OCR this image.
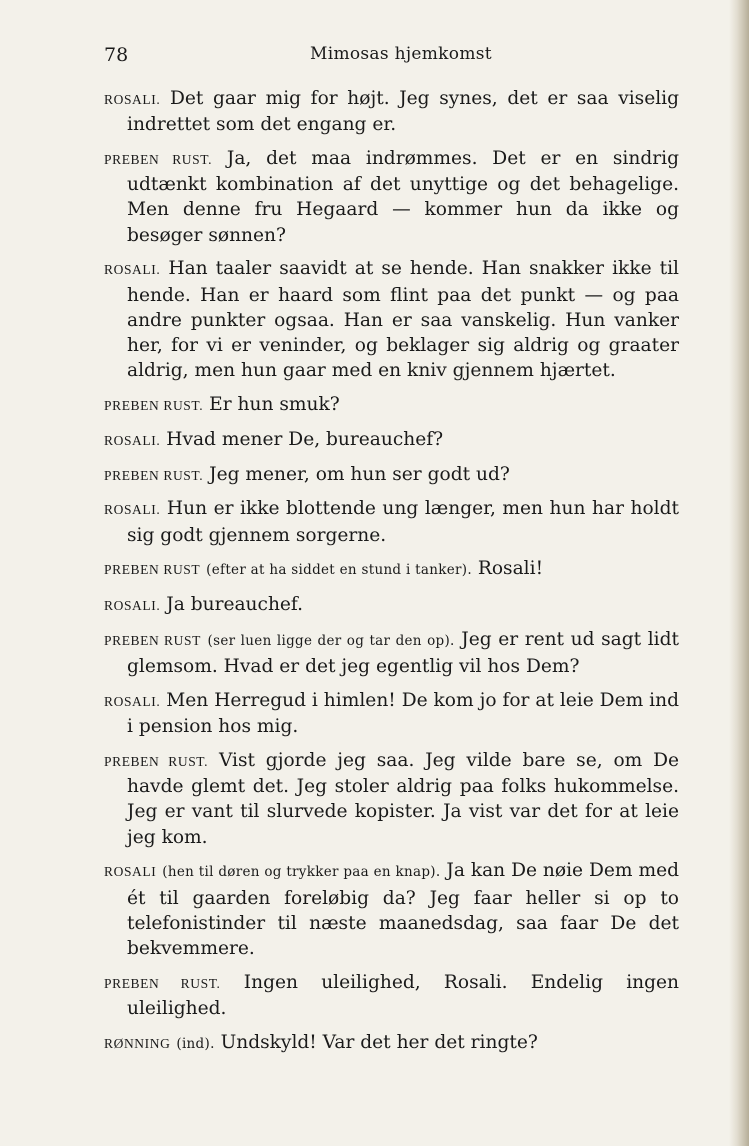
78	Mimosas hjemkomst

ROSALI. Det gaar mig for højt. Jeg synes, det er saa viselig indrettet som det engang er.

PREBEN RUST. Ja, det maa indrømmes. Det er en sindrig udtænkt kombination af det unyttige og det behagelige. Men denne fru Hegaard — kommer hun da ikke og besøger sønnen?

ROSALI. Han taaler saavidt at se hende. Han snakker ikke til hende. Han er haard som flint paa det punkt — og paa andre punkter ogsaa. Han er saa vanskelig. Hun vanker her, for vi er veninder, og beklager sig aldrig og graater aldrig, men hun gaar med en kniv gjennem hjærtet.

PREBEN RUST. Er hun smuk?

ROSALI. Hvad mener De, bureauchef?

PREBEN RUST. Jeg mener, om hun ser godt ud?

ROSALI. Hun er ikke blottende ung længer, men hun har holdt sig godt gjennem sorgerne.

PREBEN RUST (efter at ha siddet en stund i tanker). Rosali!

ROSALI. Ja bureauchef.

PREBEN RUST (ser luen ligge der og tar den op). Jeg er rent ud sagt lidt glemsom. Hvad er det jeg egentlig vil hos Dem?

ROSALI. Men Herregud i himlen! De kom jo for at leie Dem ind i pension hos mig.

PREBEN RUST. Vist gjorde jeg saa. Jeg vilde bare se, om De havde glemt det. Jeg stoler aldrig paa folks hukommelse. Jeg er vant til slurvede kopister. Ja vist var det for at leie jeg kom.

ROSALI (hen til døren og trykker paa en knap). Ja kan De nøie Dem med ét til gaarden foreløbig da? Jeg faar heller si op to telefonistinder til næste maanedsdag, saa faar De det bekvemmere.

PREBEN RUST. Ingen uleilighed, Rosali. Endelig ingen uleilighed.

RØNNING (ind). Undskyld! Var det her det ringte?
